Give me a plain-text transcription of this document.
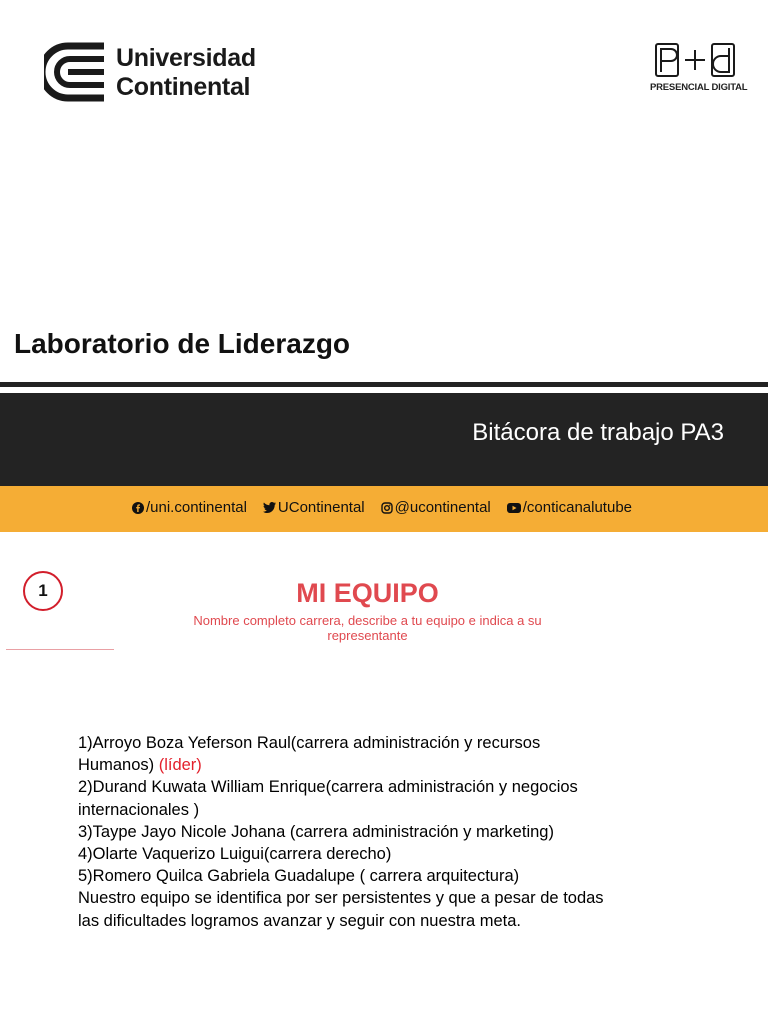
Universidad
Continental	PRESENCIAL DIGITAL
Laboratorio de Liderazgo
Bitácora de trabajo PA3
/uni.continental UContinental @ucontinental /conticanalutube
1	MI EQUIPO
Nombre completo carrera, describe a tu equipo e indica a su
representante

1)Arroyo Boza Yeferson Raul(carrera administración y recursos

Humanos) (líder)

2)Durand Kuwata William Enrique(carrera administración y negocios

internacionales )

3)Taype Jayo Nicole Johana (carrera administración y marketing)

4)Olarte Vaquerizo Luigui(carrera derecho)

5)Romero Quilca Gabriela Guadalupe ( carrera arquitectura)

Nuestro equipo se identifica por ser persistentes y que a pesar de todas

las dificultades logramos avanzar y seguir con nuestra meta.
